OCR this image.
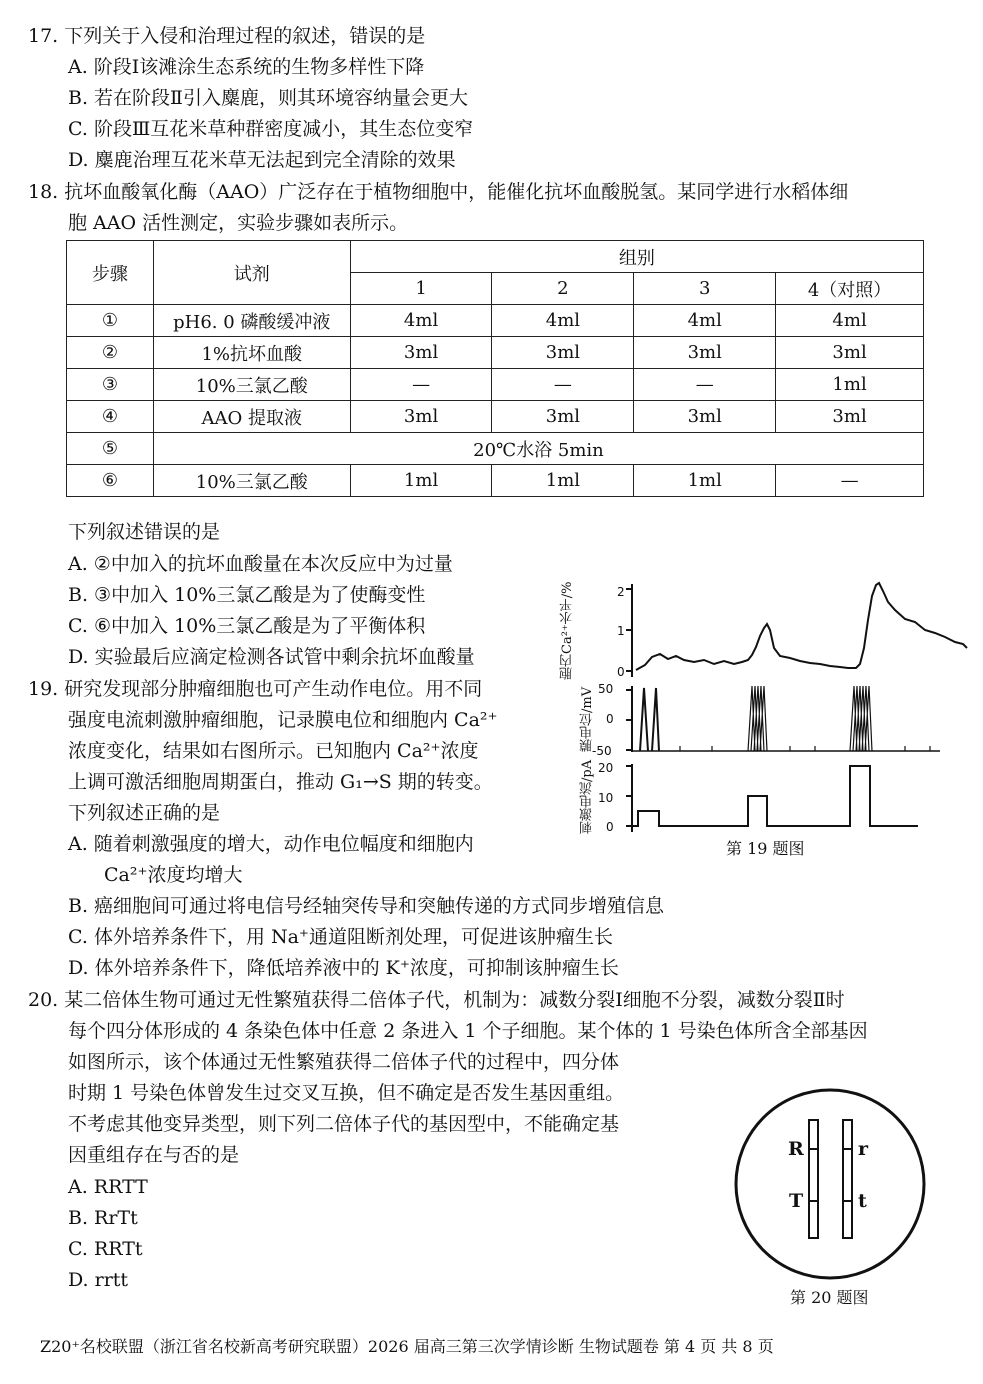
17. 下列关于入侵和治理过程的叙述，错误的是
A. 阶段Ⅰ该滩涂生态系统的生物多样性下降
B. 若在阶段Ⅱ引入麋鹿，则其环境容纳量会更大
C. 阶段Ⅲ互花米草种群密度减小，其生态位变窄
D. 麋鹿治理互花米草无法起到完全清除的效果
18. 抗坏血酸氧化酶（AAO）广泛存在于植物细胞中，能催化抗坏血酸脱氢。某同学进行水稻体细
胞 AAO 活性测定，实验步骤如表所示。
步骤	试剂	组别			
		1	2	3	4（对照）
①	pH6. 0 磷酸缓冲液	4ml	4ml	4ml	4ml
②	1%抗坏血酸	3ml	3ml	3ml	3ml
③	10%三氯乙酸	—	—	—	1ml
④	AAO 提取液	3ml	3ml	3ml	3ml
⑤	20℃水浴 5min				
⑥	10%三氯乙酸	1ml	1ml	1ml	—
下列叙述错误的是
A. ②中加入的抗坏血酸量在本次反应中为过量
B. ③中加入 10%三氯乙酸是为了使酶变性
C. ⑥中加入 10%三氯乙酸是为了平衡体积
D. 实验最后应滴定检测各试管中剩余抗坏血酸量
19. 研究发现部分肿瘤细胞也可产生动作电位。用不同
强度电流刺激肿瘤细胞，记录膜电位和细胞内 Ca²⁺
浓度变化，结果如右图所示。已知胞内 Ca²⁺浓度
上调可激活细胞周期蛋白，推动 G₁→S 期的转变。
下列叙述正确的是
A. 随着刺激强度的增大，动作电位幅度和细胞内
Ca²⁺浓度均增大
B. 癌细胞间可通过将电信号经轴突传导和突触传递的方式同步增殖信息
C. 体外培养条件下，用 Na⁺通道阻断剂处理，可促进该肿瘤生长
D. 体外培养条件下，降低培养液中的 K⁺浓度，可抑制该肿瘤生长
胞内Ca²⁺水平/%
膜电位/mV
刺激电流/pA
2
1
0
50
0
-50
20
10
0
第 19 题图
20. 某二倍体生物可通过无性繁殖获得二倍体子代，机制为：减数分裂Ⅰ细胞不分裂，减数分裂Ⅱ时
每个四分体形成的 4 条染色体中任意 2 条进入 1 个子细胞。某个体的 1 号染色体所含全部基因
如图所示，该个体通过无性繁殖获得二倍体子代的过程中，四分体
时期 1 号染色体曾发生过交叉互换，但不确定是否发生基因重组。
不考虑其他变异类型，则下列二倍体子代的基因型中，不能确定基
因重组存在与否的是
A. RRTT
B. RrTt
C. RRTt
D. rrtt
R	r
T	t
第 20 题图
Z20⁺名校联盟（浙江省名校新高考研究联盟）2026 届高三第三次学情诊断 生物试题卷 第 4 页 共 8 页
